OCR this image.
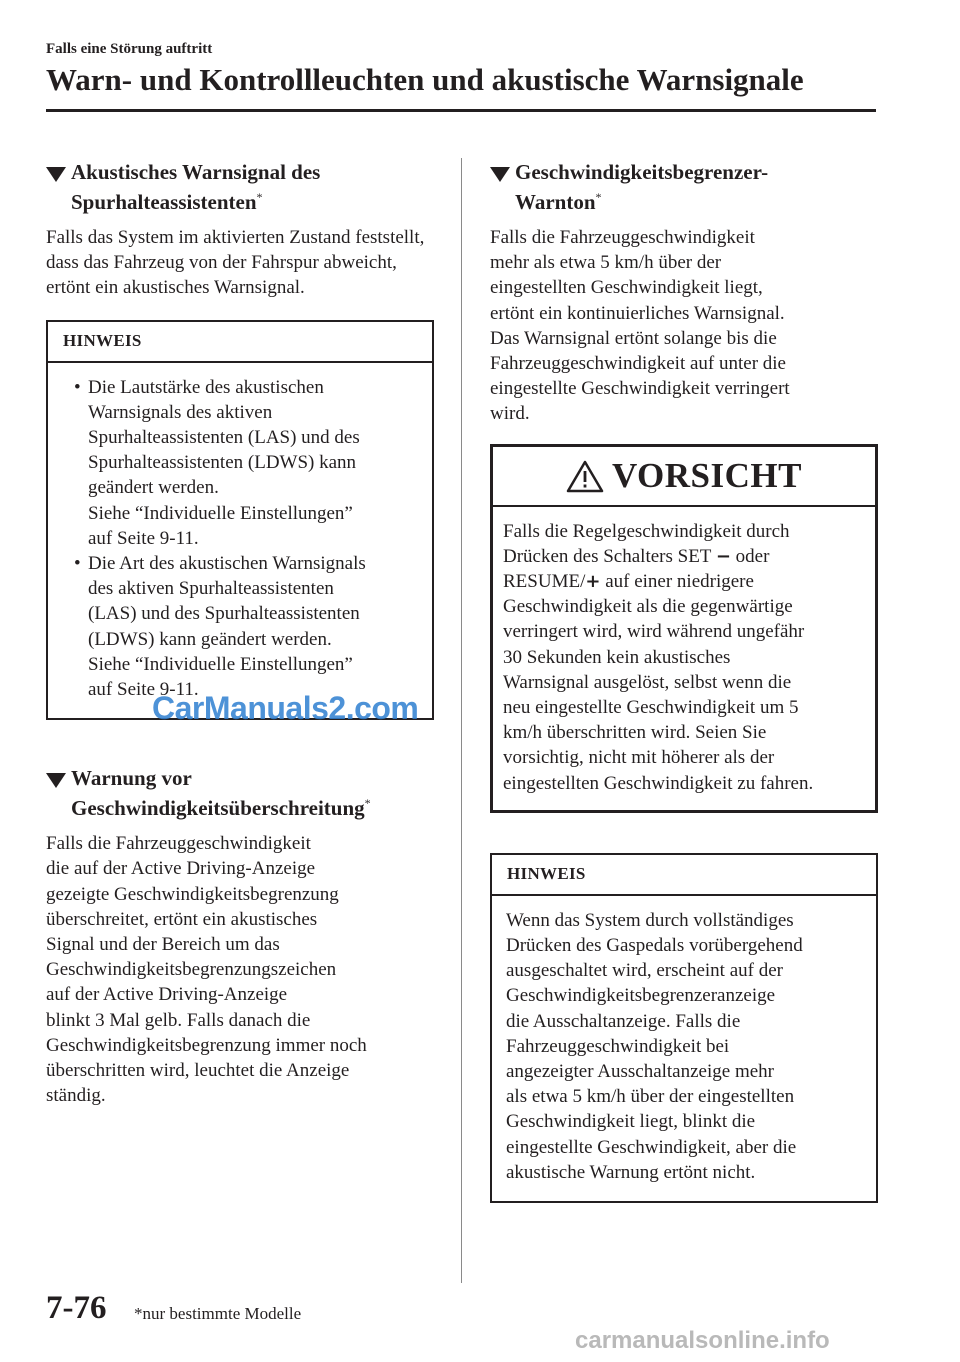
Falls eine Störung auftritt
Warn- und Kontrollleuchten und akustische Warnsignale
Akustisches Warnsignal des
Spurhalteassistenten*

Falls das System im aktivierten Zustand feststellt, dass das Fahrzeug von der Fahrspur abweicht, ertönt ein akustisches Warnsignal.

HINWEIS
• Die Lautstärke des akustischen
Warnsignals des aktiven
Spurhalteassistenten (LAS) und des
Spurhalteassistenten (LDWS) kann
geändert werden.
Siehe “Individuelle Einstellungen”
auf Seite 9-11.
• Die Art des akustischen Warnsignals
des aktiven Spurhalteassistenten
(LAS) und des Spurhalteassistenten
(LDWS) kann geändert werden.
Siehe “Individuelle Einstellungen”
auf Seite 9-11.
Warnung vor
Geschwindigkeitsüberschreitung*
Falls die Fahrzeuggeschwindigkeit
die auf der Active Driving-Anzeige
gezeigte Geschwindigkeitsbegrenzung
überschreitet, ertönt ein akustisches
Signal und der Bereich um das
Geschwindigkeitsbegrenzungszeichen
auf der Active Driving-Anzeige
blinkt 3 Mal gelb. Falls danach die
Geschwindigkeitsbegrenzung immer noch
überschritten wird, leuchtet die Anzeige
ständig.
Geschwindigkeitsbegrenzer-
Warnton*
Falls die Fahrzeuggeschwindigkeit
mehr als etwa 5 km/h über der
eingestellten Geschwindigkeit liegt,
ertönt ein kontinuierliches Warnsignal.
Das Warnsignal ertönt solange bis die
Fahrzeuggeschwindigkeit auf unter die
eingestellte Geschwindigkeit verringert
wird.
VORSICHT
Falls die Regelgeschwindigkeit durch
Drücken des Schalters SET − oder
RESUME/+ auf einer niedrigere
Geschwindigkeit als die gegenwärtige
verringert wird, wird während ungefähr
30 Sekunden kein akustisches
Warnsignal ausgelöst, selbst wenn die
neu eingestellte Geschwindigkeit um 5
km/h überschritten wird. Seien Sie
vorsichtig, nicht mit höherer als der
eingestellten Geschwindigkeit zu fahren.
HINWEIS
Wenn das System durch vollständiges
Drücken des Gaspedals vorübergehend
ausgeschaltet wird, erscheint auf der
Geschwindigkeitsbegrenzeranzeige
die Ausschaltanzeige. Falls die
Fahrzeuggeschwindigkeit bei
angezeigter Ausschaltanzeige mehr
als etwa 5 km/h über der eingestellten
Geschwindigkeit liegt, blinkt die
eingestellte Geschwindigkeit, aber die
akustische Warnung ertönt nicht.
CarManuals2.com
7-76 *nur bestimmte Modelle
carmanualsonline.info
